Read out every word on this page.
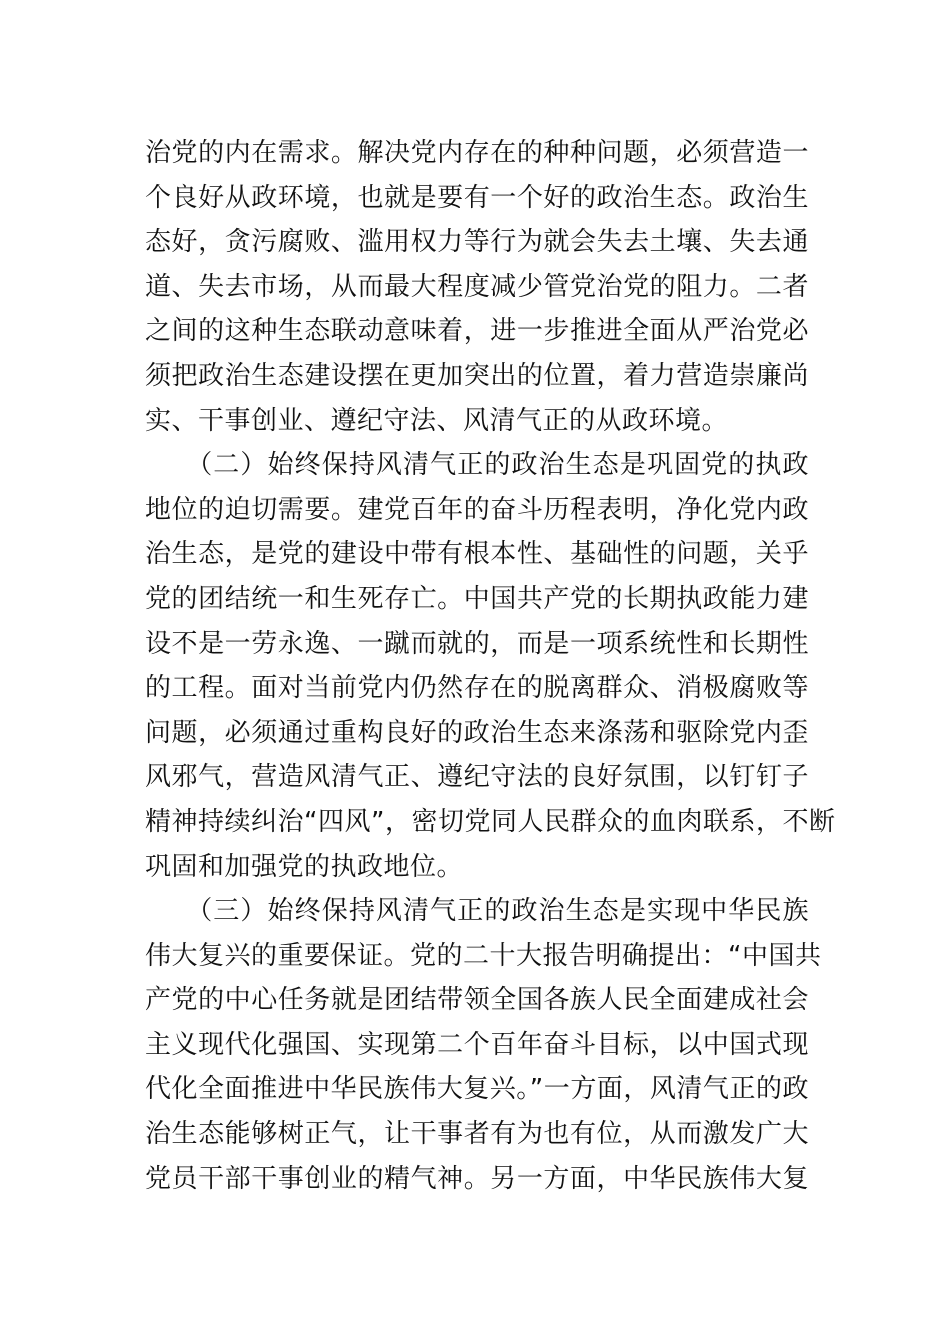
治党的内在需求。解决党内存在的种种问题，必须营造一
个良好从政环境，也就是要有一个好的政治生态。政治生
态好，贪污腐败、滥用权力等行为就会失去土壤、失去通
道、失去市场，从而最大程度减少管党治党的阻力。二者
之间的这种生态联动意味着，进一步推进全面从严治党必
须把政治生态建设摆在更加突出的位置，着力营造崇廉尚
实、干事创业、遵纪守法、风清气正的从政环境。
　　（二）始终保持风清气正的政治生态是巩固党的执政
地位的迫切需要。建党百年的奋斗历程表明，净化党内政
治生态，是党的建设中带有根本性、基础性的问题，关乎
党的团结统一和生死存亡。中国共产党的长期执政能力建
设不是一劳永逸、一蹴而就的，而是一项系统性和长期性
的工程。面对当前党内仍然存在的脱离群众、消极腐败等
问题，必须通过重构良好的政治生态来涤荡和驱除党内歪
风邪气，营造风清气正、遵纪守法的良好氛围，以钉钉子
精神持续纠治“四风”，密切党同人民群众的血肉联系，不断
巩固和加强党的执政地位。
　　（三）始终保持风清气正的政治生态是实现中华民族
伟大复兴的重要保证。党的二十大报告明确提出：“中国共
产党的中心任务就是团结带领全国各族人民全面建成社会
主义现代化强国、实现第二个百年奋斗目标，以中国式现
代化全面推进中华民族伟大复兴。”一方面，风清气正的政
治生态能够树正气，让干事者有为也有位，从而激发广大
党员干部干事创业的精气神。另一方面，中华民族伟大复
